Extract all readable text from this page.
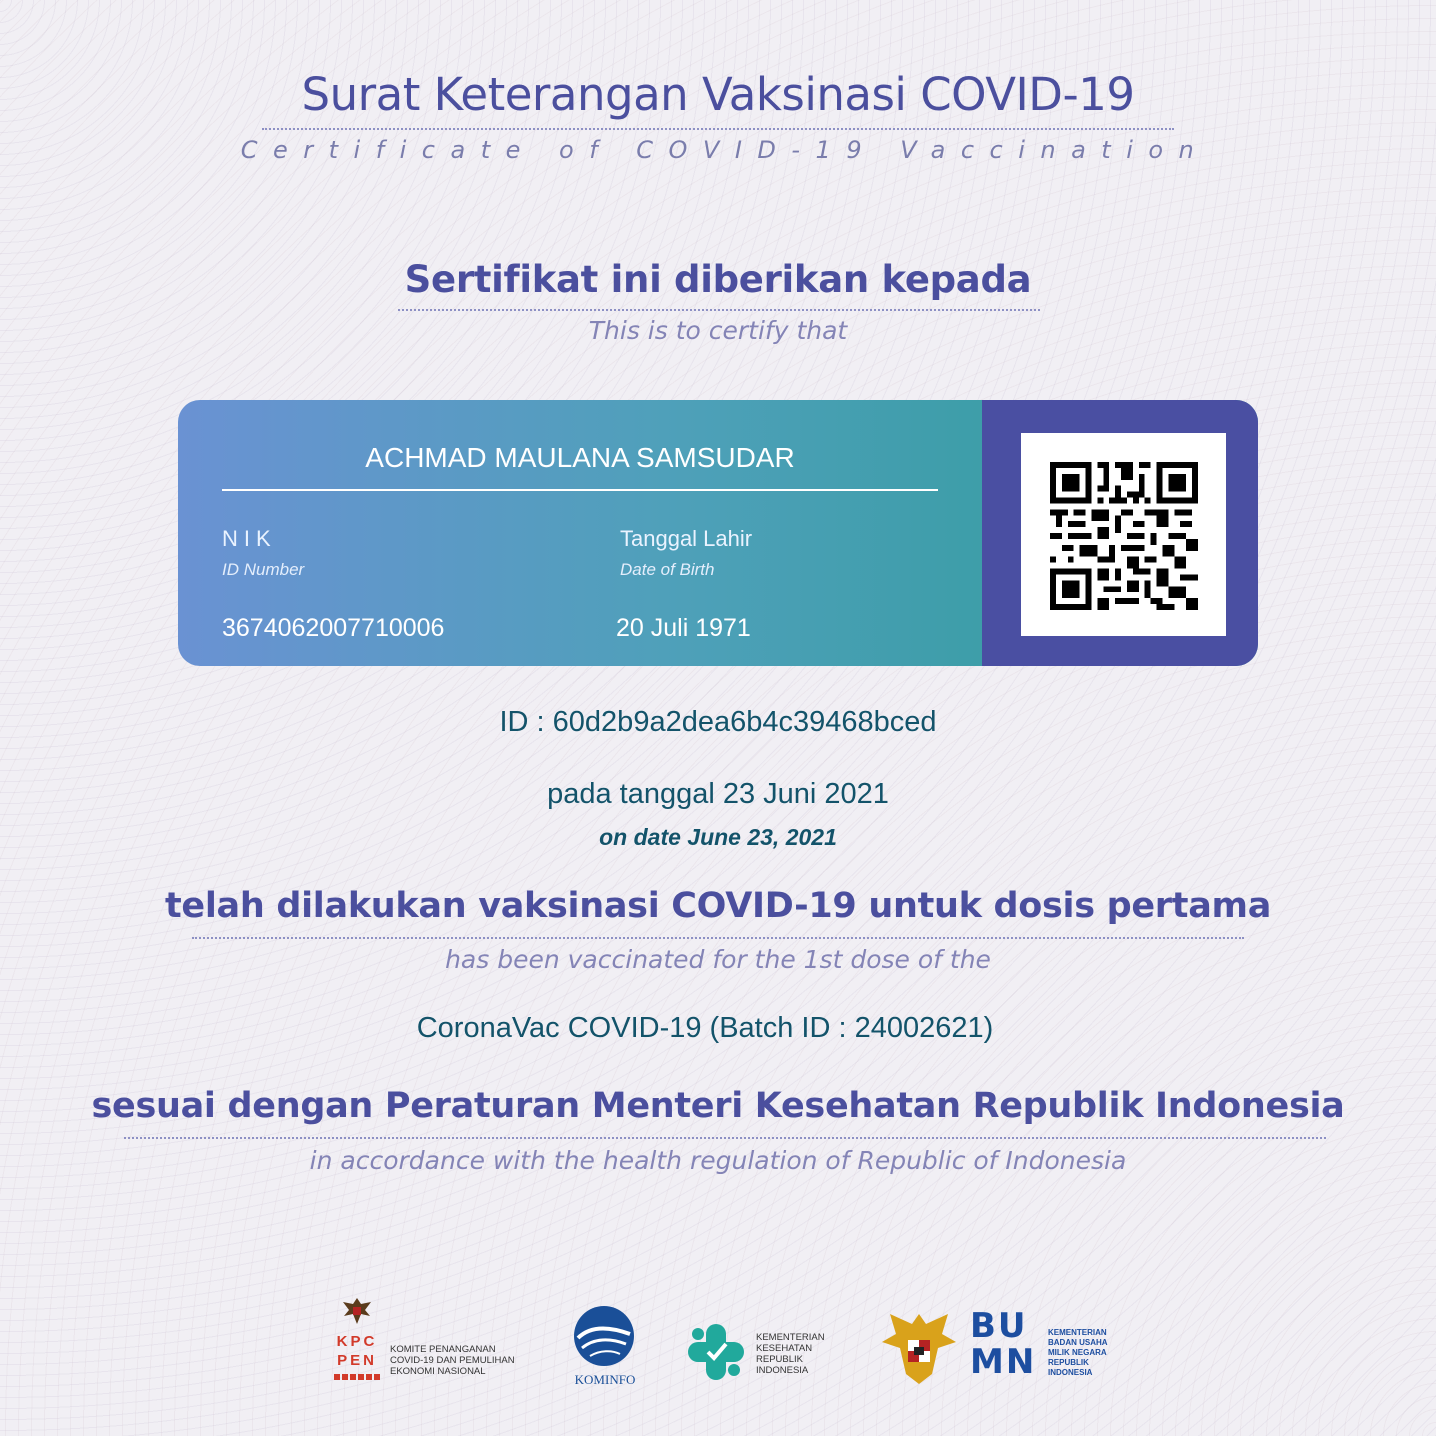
Surat Keterangan Vaksinasi COVID-19
Certificate of COVID-19 Vaccination
Sertifikat ini diberikan kepada
This is to certify that
ACHMAD MAULANA SAMSUDAR
NIK
ID Number
3674062007710006
Tanggal Lahir
Date of Birth
20 Juli 1971
ID : 60d2b9a2dea6b4c39468bced
pada tanggal 23 Juni 2021
on date June 23, 2021
telah dilakukan vaksinasi COVID-19 untuk dosis pertama
has been vaccinated for the 1st dose of the
CoronaVac COVID-19 (Batch ID : 24002621)
sesuai dengan Peraturan Menteri Kesehatan Republik Indonesia
in accordance with the health regulation of Republic of Indonesia
KPC PEN
KOMITE PENANGANAN
COVID-19 DAN PEMULIHAN
EKONOMI NASIONAL
KOMINFO
KEMENTERIAN
KESEHATAN
REPUBLIK
INDONESIA
BUMN
KEMENTERIAN
BADAN USAHA
MILIK NEGARA
REPUBLIK
INDONESIA
